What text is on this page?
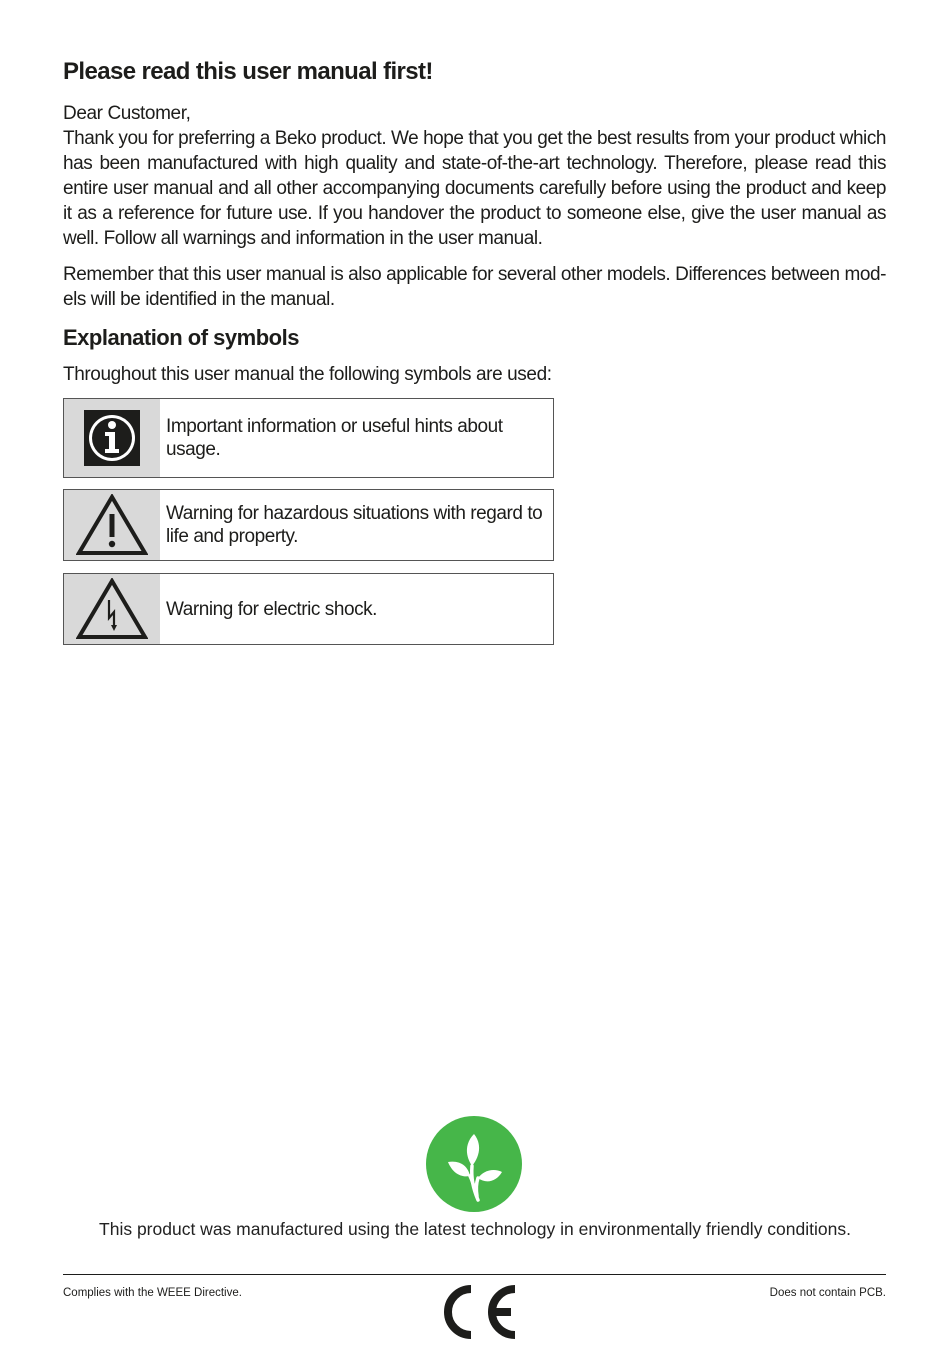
Please read this user manual first!

Dear Customer,

Thank you for preferring a Beko product. We hope that you get the best results from your product which has been manufactured with high quality and state-of-the-art technology. Therefore, please read this entire user manual and all other accompanying documents carefully before using the product and keep it as a reference for future use. If you handover the product to someone else, give the user manual as well. Follow all warnings and information in the user manual.

Remember that this user manual is also applicable for several other models. Differences between mod-els will be identified in the manual.

Explanation of symbols

Throughout this user manual the following symbols are used:

Important information or useful hints about usage.
Warning for hazardous situations with regard to life and property.
Warning for electric shock.

This product was manufactured using the latest technology in environmentally friendly conditions.

Complies with the WEEE Directive.	Does not contain PCB.
